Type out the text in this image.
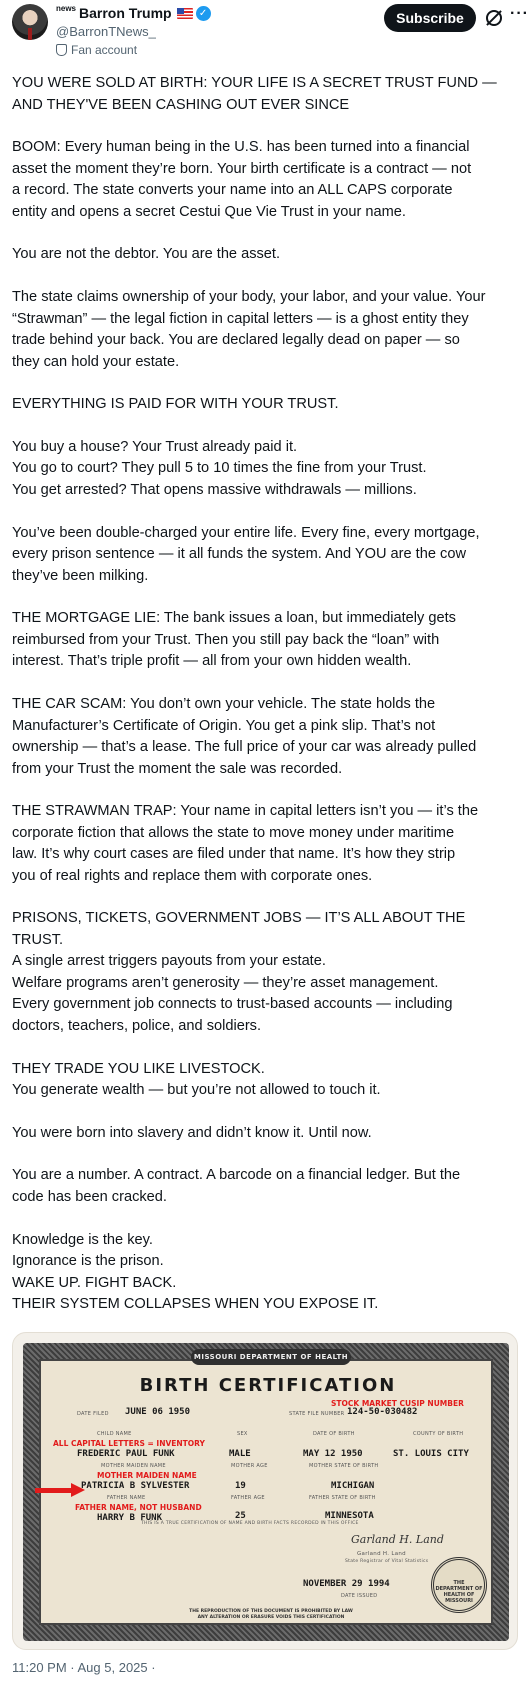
news Barron Trump	✓
@BarronTNews_
Fan account
Subscribe	···
YOU WERE SOLD AT BIRTH: YOUR LIFE IS A SECRET TRUST FUND —
AND THEY'VE BEEN CASHING OUT EVER SINCE
BOOM: Every human being in the U.S. has been turned into a financial
asset the moment they’re born. Your birth certificate is a contract — not
a record. The state converts your name into an ALL CAPS corporate
entity and opens a secret Cestui Que Vie Trust in your name.
You are not the debtor. You are the asset.
The state claims ownership of your body, your labor, and your value. Your
“Strawman” — the legal fiction in capital letters — is a ghost entity they
trade behind your back. You are declared legally dead on paper — so
they can hold your estate.
EVERYTHING IS PAID FOR WITH YOUR TRUST.
You buy a house? Your Trust already paid it.
You go to court? They pull 5 to 10 times the fine from your Trust.
You get arrested? That opens massive withdrawals — millions.
You’ve been double-charged your entire life. Every fine, every mortgage,
every prison sentence — it all funds the system. And YOU are the cow
they’ve been milking.
THE MORTGAGE LIE: The bank issues a loan, but immediately gets
reimbursed from your Trust. Then you still pay back the “loan” with
interest. That’s triple profit — all from your own hidden wealth.
THE CAR SCAM: You don’t own your vehicle. The state holds the
Manufacturer’s Certificate of Origin. You get a pink slip. That’s not
ownership — that’s a lease. The full price of your car was already pulled
from your Trust the moment the sale was recorded.
THE STRAWMAN TRAP: Your name in capital letters isn’t you — it’s the
corporate fiction that allows the state to move money under maritime
law. It’s why court cases are filed under that name. It’s how they strip
you of real rights and replace them with corporate ones.
PRISONS, TICKETS, GOVERNMENT JOBS — IT’S ALL ABOUT THE
TRUST.
A single arrest triggers payouts from your estate.
Welfare programs aren’t generosity — they’re asset management.
Every government job connects to trust-based accounts — including
doctors, teachers, police, and soldiers.
THEY TRADE YOU LIKE LIVESTOCK.
You generate wealth — but you’re not allowed to touch it.
You were born into slavery and didn’t know it. Until now.
You are a number. A contract. A barcode on a financial ledger. But the
code has been cracked.
Knowledge is the key.
Ignorance is the prison.
WAKE UP. FIGHT BACK.
THEIR SYSTEM COLLAPSES WHEN YOU EXPOSE IT.
MISSOURI DEPARTMENT OF HEALTH
BIRTH CERTIFICATION
DATE FILED JUNE 06 1950
STOCK MARKET CUSIP NUMBER
STATE FILE NUMBER 124-50-030482
CHILD NAME	SEX	DATE OF BIRTH	COUNTY OF BIRTH
ALL CAPITAL LETTERS = INVENTORY
FREDERIC PAUL FUNK	MALE	MAY 12 1950	ST. LOUIS CITY
MOTHER MAIDEN NAME	MOTHER AGE	MOTHER STATE OF BIRTH
MOTHER MAIDEN NAME
PATRICIA B SYLVESTER	19	MICHIGAN
FATHER NAME	FATHER AGE	FATHER STATE OF BIRTH
FATHER NAME, NOT HUSBAND
HARRY B FUNK	25	MINNESOTA
THIS IS A TRUE CERTIFICATION OF NAME AND BIRTH FACTS RECORDED IN THIS OFFICE
Garland H. Land
Garland H. Land
State Registrar of Vital Statistics
NOVEMBER 29 1994
DATE ISSUED
THE DEPARTMENT OF HEALTH OF MISSOURI
THE REPRODUCTION OF THIS DOCUMENT IS PROHIBITED BY LAW
ANY ALTERATION OR ERASURE VOIDS THIS CERTIFICATION
11:20 PM · Aug 5, 2025 ·
